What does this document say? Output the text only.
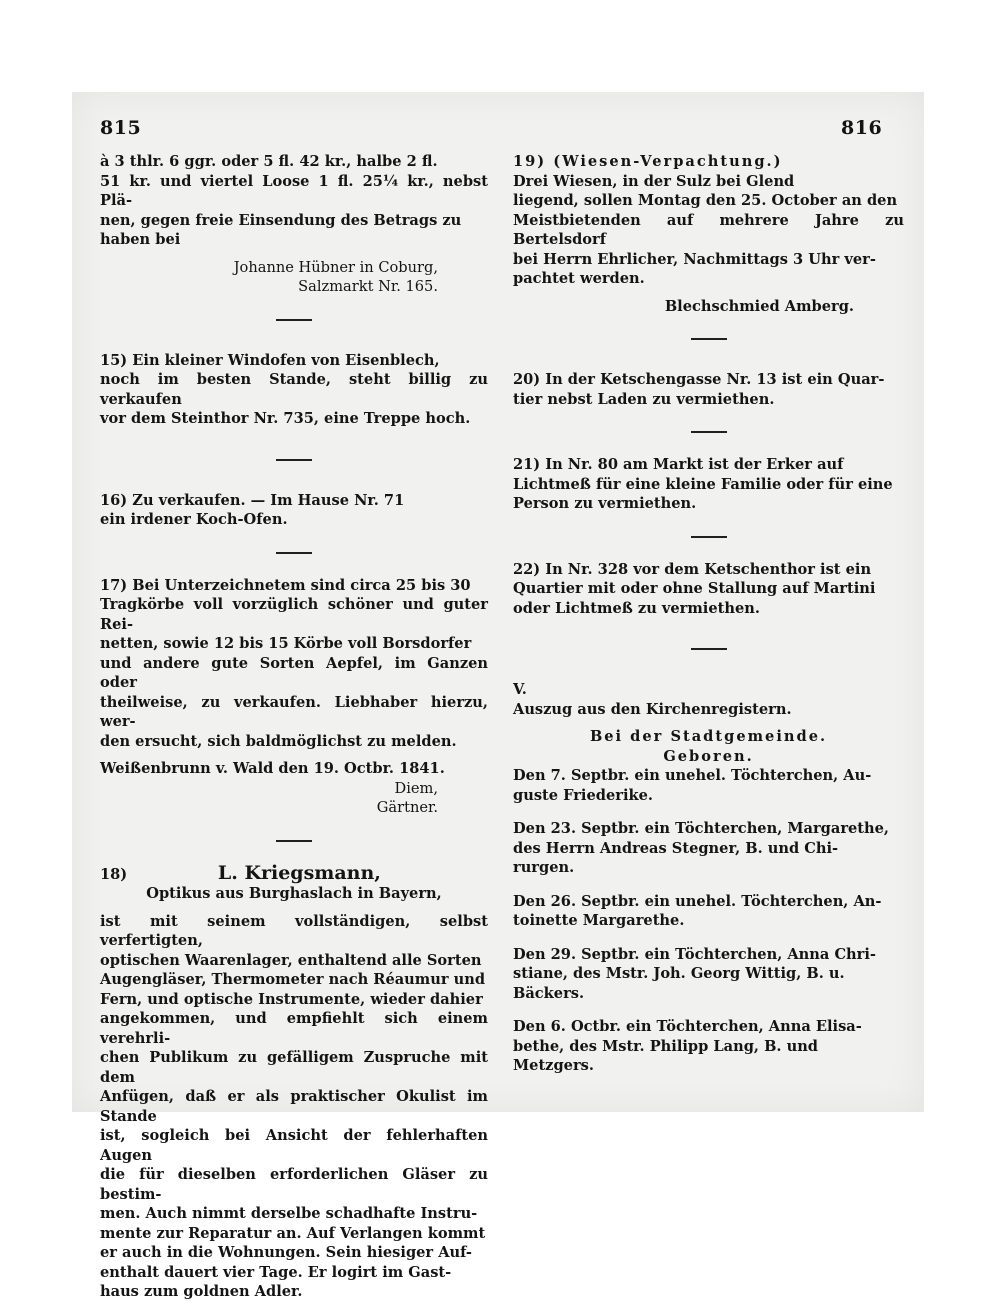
815	816

à 3 thlr. 6 ggr. oder 5 fl. 42 kr., halbe 2 fl.

51 kr. und viertel Loose 1 fl. 25¼ kr., nebst Plä-

nen, gegen freie Einsendung des Betrags zu

haben bei

Johanne Hübner in Coburg,

Salzmarkt Nr. 165.

15) Ein kleiner Windofen von Eisenblech,

noch im besten Stande, steht billig zu verkaufen

vor dem Steinthor Nr. 735, eine Treppe hoch.

16) Zu verkaufen. — Im Hause Nr. 71

ein irdener Koch-Ofen.

17) Bei Unterzeichnetem sind circa 25 bis 30

Tragkörbe voll vorzüglich schöner und guter Rei-

netten, sowie 12 bis 15 Körbe voll Borsdorfer

und andere gute Sorten Aepfel, im Ganzen oder

theilweise, zu verkaufen. Liebhaber hierzu, wer-

den ersucht, sich baldmöglichst zu melden.

Weißenbrunn v. Wald den 19. Octbr. 1841.

Diem,

Gärtner.

18)	L. Kriegsmann,

Optikus aus Burghaslach in Bayern,

ist mit seinem vollständigen, selbst verfertigten,

optischen Waarenlager, enthaltend alle Sorten

Augengläser, Thermometer nach Réaumur und

Fern, und optische Instrumente, wieder dahier

angekommen, und empfiehlt sich einem verehrli-

chen Publikum zu gefälligem Zuspruche mit dem

Anfügen, daß er als praktischer Okulist im Stande

ist, sogleich bei Ansicht der fehlerhaften Augen

die für dieselben erforderlichen Gläser zu bestim-

men. Auch nimmt derselbe schadhafte Instru-

mente zur Reparatur an. Auf Verlangen kommt

er auch in die Wohnungen. Sein hiesiger Auf-

enthalt dauert vier Tage. Er logirt im Gast-

haus zum goldnen Adler.

19) (Wiesen-Verpachtung.)

Drei Wiesen, in der Sulz bei Glend

liegend, sollen Montag den 25. October an den

Meistbietenden auf mehrere Jahre zu Bertelsdorf

bei Herrn Ehrlicher, Nachmittags 3 Uhr ver-

pachtet werden.

Blechschmied Amberg.

20) In der Ketschengasse Nr. 13 ist ein Quar-

tier nebst Laden zu vermiethen.

21) In Nr. 80 am Markt ist der Erker auf

Lichtmeß für eine kleine Familie oder für eine

Person zu vermiethen.

22) In Nr. 328 vor dem Ketschenthor ist ein

Quartier mit oder ohne Stallung auf Martini

oder Lichtmeß zu vermiethen.

V.

Auszug aus den Kirchenregistern.

Bei der Stadtgemeinde.

Geboren.

Den 7. Septbr. ein unehel. Töchterchen, Au-

guste Friederike.

Den 23. Septbr. ein Töchterchen, Margarethe,

des Herrn Andreas Stegner, B. und Chi-

rurgen.

Den 26. Septbr. ein unehel. Töchterchen, An-

toinette Margarethe.

Den 29. Septbr. ein Töchterchen, Anna Chri-

stiane, des Mstr. Joh. Georg Wittig, B. u.

Bäckers.

Den 6. Octbr. ein Töchterchen, Anna Elisa-

bethe, des Mstr. Philipp Lang, B. und

Metzgers.
